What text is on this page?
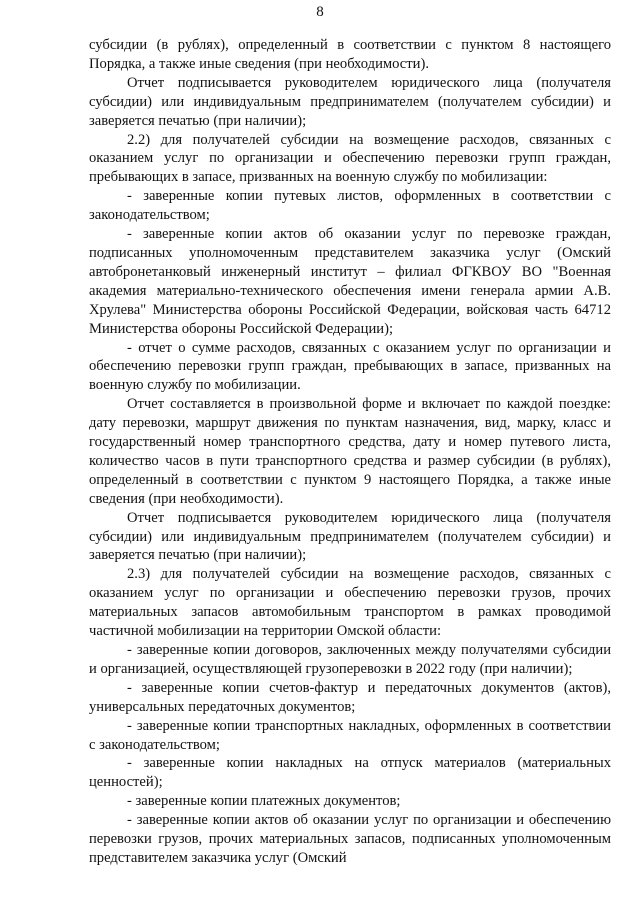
8

субсидии (в рублях), определенный в соответствии с пунктом 8 настоящего Порядка, а также иные сведения (при необходимости).

Отчет подписывается руководителем юридического лица (получателя субсидии) или индивидуальным предпринимателем (получателем субсидии) и заверяется печатью (при наличии);

2.2) для получателей субсидии на возмещение расходов, связанных с оказанием услуг по организации и обеспечению перевозки групп граждан, пребывающих в запасе, призванных на военную службу по мобилизации:

- заверенные копии путевых листов, оформленных в соответствии с законодательством;

- заверенные копии актов об оказании услуг по перевозке граждан, подписанных уполномоченным представителем заказчика услуг (Омский автобронетанковый инженерный институт – филиал ФГКВОУ ВО "Военная академия материально-технического обеспечения имени генерала армии А.В. Хрулева" Министерства обороны Российской Федерации, войсковая часть 64712 Министерства обороны Российской Федерации);

- отчет о сумме расходов, связанных с оказанием услуг по организации и обеспечению перевозки групп граждан, пребывающих в запасе, призванных на военную службу по мобилизации.

Отчет составляется в произвольной форме и включает по каждой поездке: дату перевозки, маршрут движения по пунктам назначения, вид, марку, класс и государственный номер транспортного средства, дату и номер путевого листа, количество часов в пути транспортного средства и размер субсидии (в рублях), определенный в соответствии с пунктом 9 настоящего Порядка, а также иные сведения (при необходимости).

Отчет подписывается руководителем юридического лица (получателя субсидии) или индивидуальным предпринимателем (получателем субсидии) и заверяется печатью (при наличии);

2.3) для получателей субсидии на возмещение расходов, связанных с оказанием услуг по организации и обеспечению перевозки грузов, прочих материальных запасов автомобильным транспортом в рамках проводимой частичной мобилизации на территории Омской области:

- заверенные копии договоров, заключенных между получателями субсидии и организацией, осуществляющей грузоперевозки в 2022 году (при наличии);

- заверенные копии счетов-фактур и передаточных документов (актов), универсальных передаточных документов;

- заверенные копии транспортных накладных, оформленных в соответствии с законодательством;

- заверенные копии накладных на отпуск материалов (материальных ценностей);

- заверенные копии платежных документов;

- заверенные копии актов об оказании услуг по организации и обеспечению перевозки грузов, прочих материальных запасов, подписанных уполномоченным представителем заказчика услуг (Омский
